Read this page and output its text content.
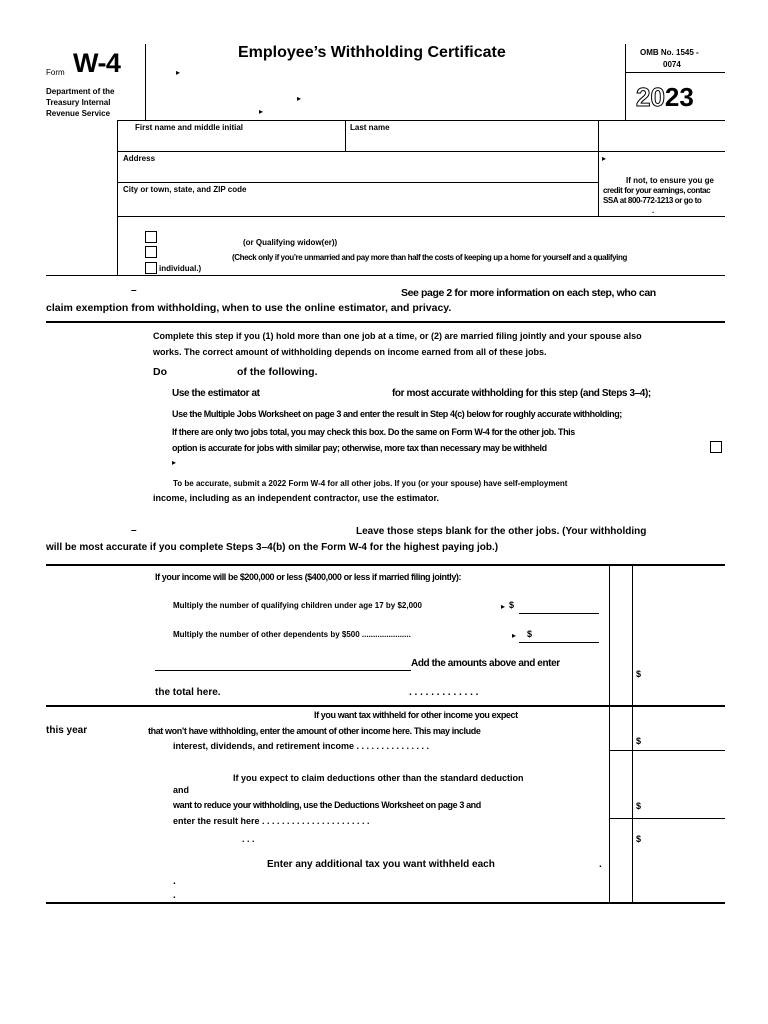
Form W-4
Department of the
Treasury Internal
Revenue Service
Employee’s Withholding Certificate
▸
▸
▸
OMB No. 1545 -
0074
2023
First name and middle initial	Last name
Address	▸
City or town, state, and ZIP code
If not, to ensure you ge
credit for your earnings, contac
SSA at 800-772-1213 or go to
.
(or Qualifying widow(er))
(Check only if you’re unmarried and pay more than half the costs of keeping up a home for yourself and a qualifying
individual.)
–	See page 2 for more information on each step, who can
claim exemption from withholding, when to use the online estimator, and privacy.
Complete this step if you (1) hold more than one job at a time, or (2) are married filing jointly and your spouse also
works. The correct amount of withholding depends on income earned from all of these jobs.
Do	of the following.
Use the estimator at	for most accurate withholding for this step (and Steps 3–4);
Use the Multiple Jobs Worksheet on page 3 and enter the result in Step 4(c) below for roughly accurate withholding;
If there are only two jobs total, you may check this box. Do the same on Form W-4 for the other job. This
option is accurate for jobs with similar pay; otherwise, more tax than necessary may be withheld
▸
To be accurate, submit a 2022 Form W-4 for all other jobs. If you (or your spouse) have self-employment
income, including as an independent contractor, use the estimator.
–	Leave those steps blank for the other jobs. (Your withholding
will be most accurate if you complete Steps 3–4(b) on the Form W-4 for the highest paying job.)
If your income will be $200,000 or less ($400,000 or less if married filing jointly):
Multiply the number of qualifying children under age 17 by $2,000	▸ $
Multiply the number of other dependents by $500 ......................	▸ $
Add the amounts above and enter
$
the total here.	. . . . . . . . . . . . .
this year
If you want tax withheld for other income you expect
that won’t have withholding, enter the amount of other income here. This may include
interest, dividends, and retirement income . . . . . . . . . . . . . . .	$
If you expect to claim deductions other than the standard deduction
and
want to reduce your withholding, use the Deductions Worksheet on page 3 and
enter the result here . . . . . . . . . . . . . . . . . . . . . .
$
. . .	$
Enter any additional tax you want withheld each	.
.
.
